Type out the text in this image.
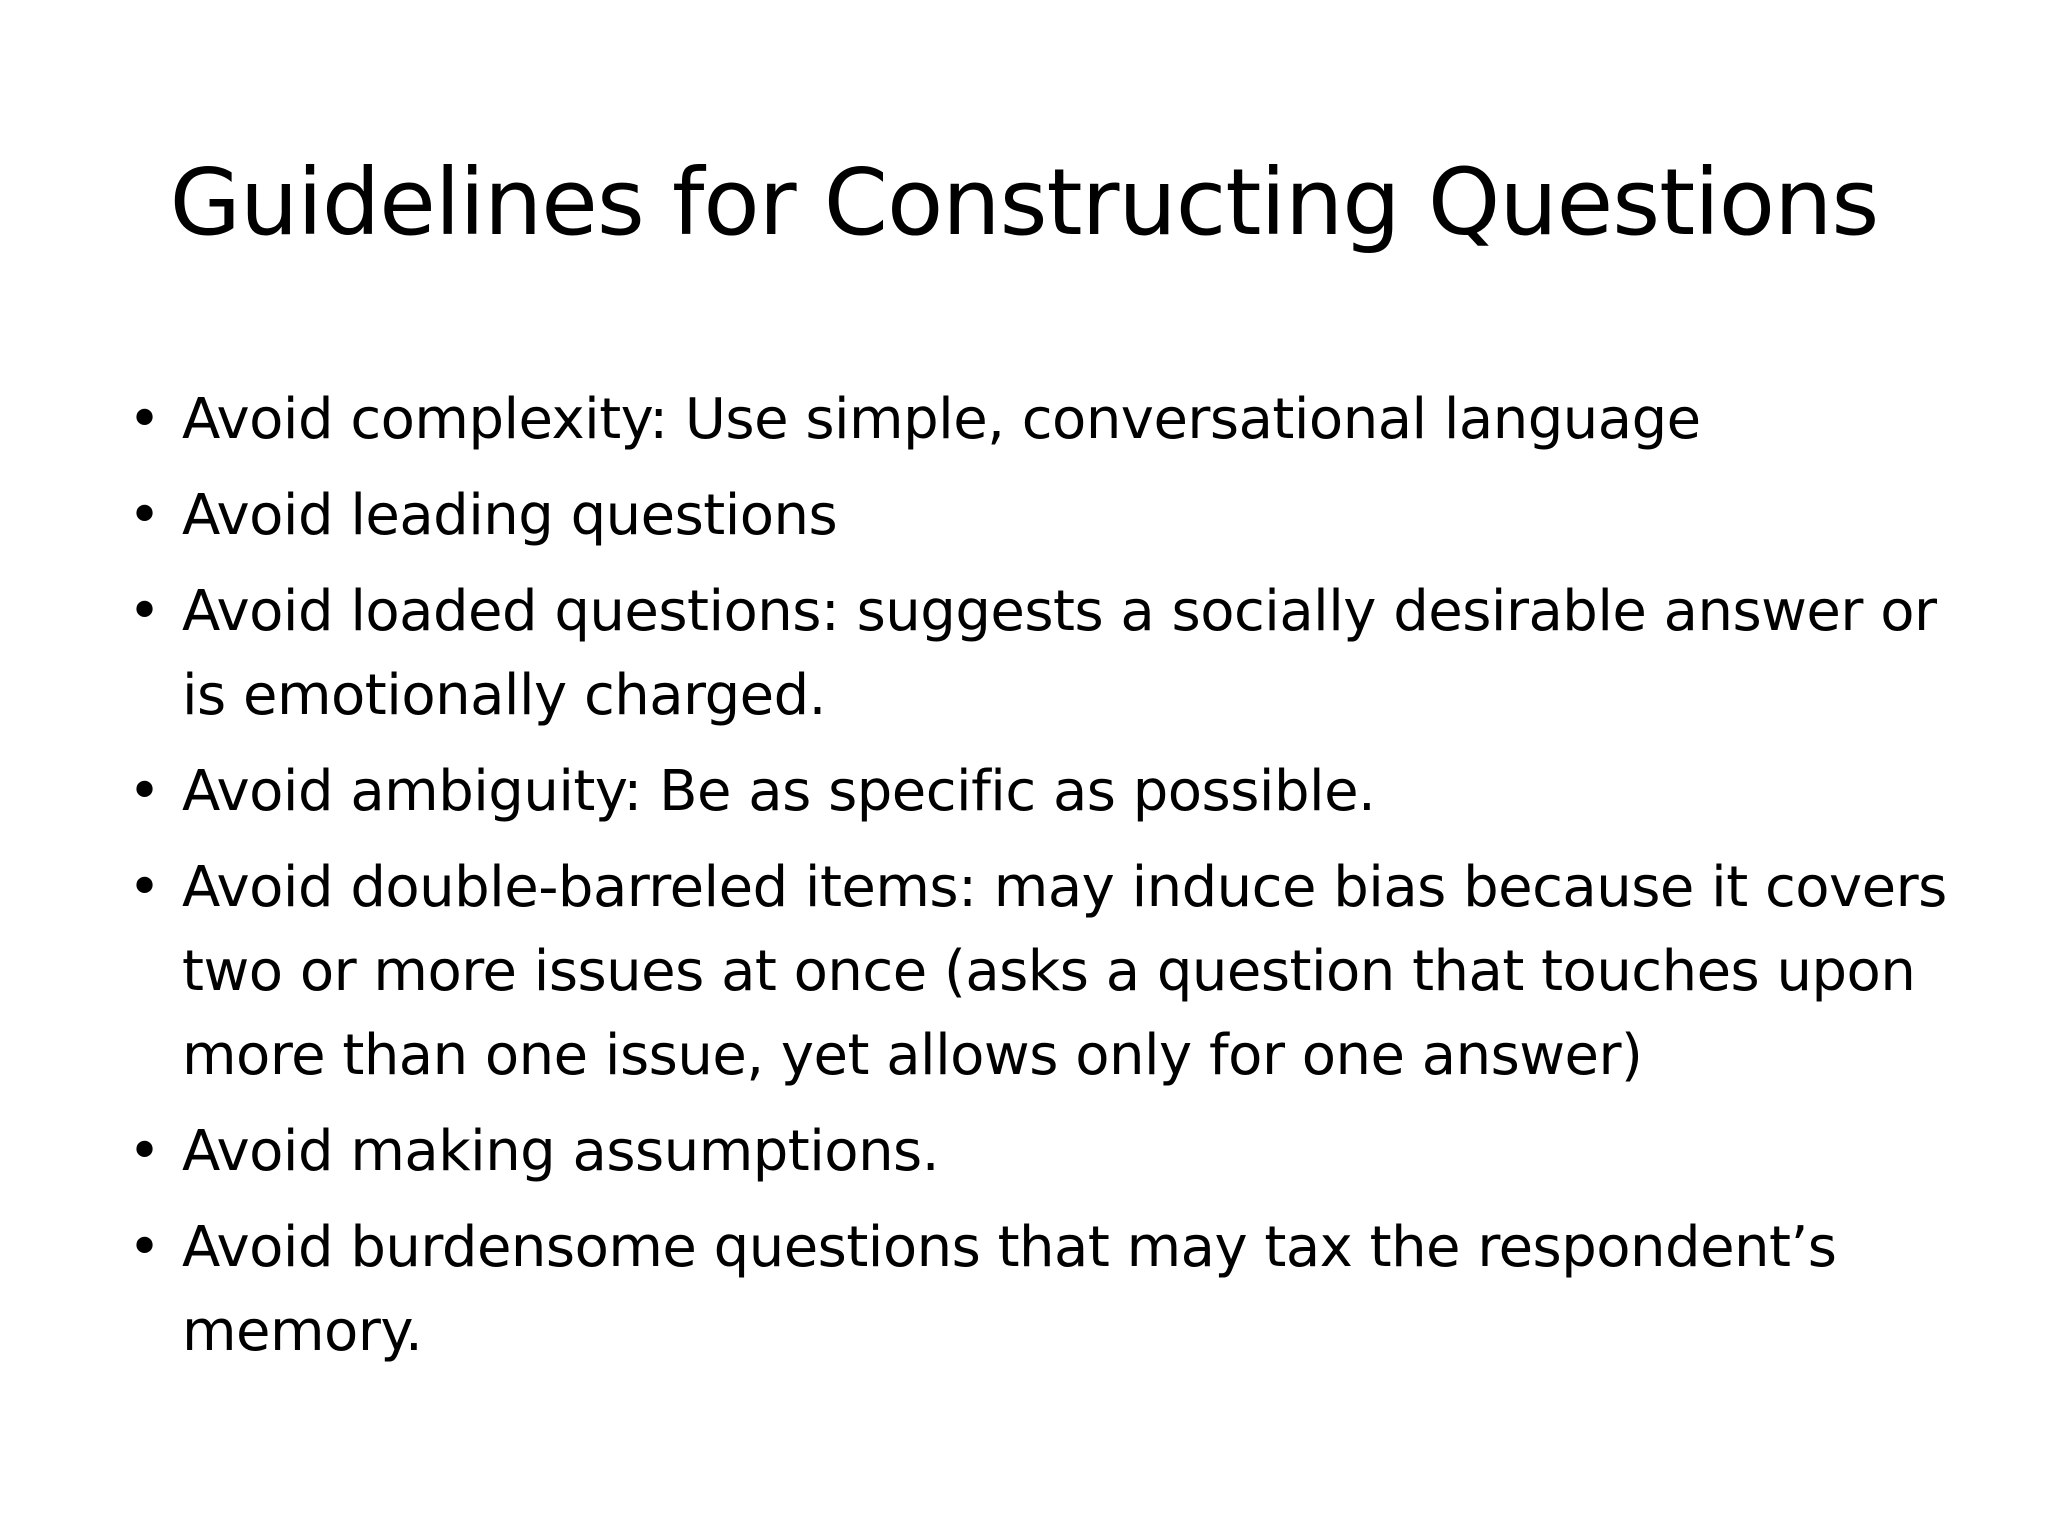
Guidelines for Constructing Questions
• Avoid complexity: Use simple, conversational language
• Avoid leading questions
• Avoid loaded questions: suggests a socially desirable answer or is emotionally charged.
• Avoid ambiguity: Be as specific as possible.
• Avoid double-barreled items: may induce bias because it covers two or more issues at once (asks a question that touches upon more than one issue, yet allows only for one answer)
• Avoid making assumptions.
• Avoid burdensome questions that may tax the respondent’s memory.
